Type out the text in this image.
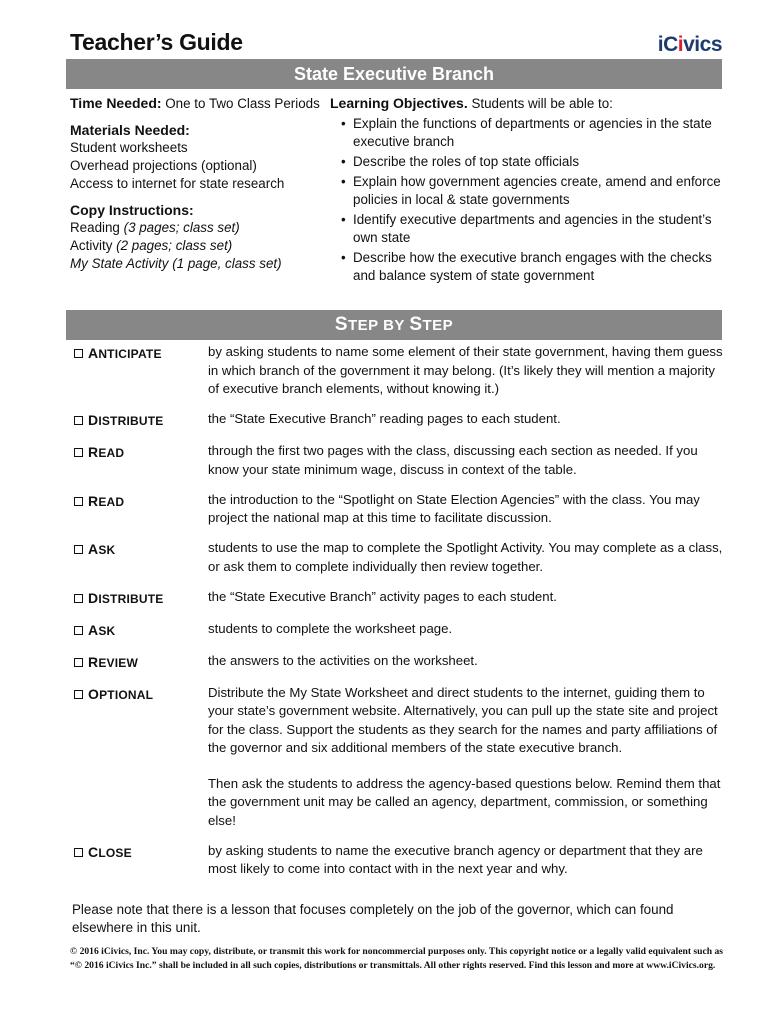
Teacher’s Guide	iCivics
State Executive Branch
Time Needed: One to Two Class Periods
Materials Needed:
Student worksheets
Overhead projections (optional)
Access to internet for state research
Copy Instructions:
Reading (3 pages; class set)
Activity (2 pages; class set)
My State Activity (1 page, class set)
Learning Objectives. Students will be able to:
• Explain the functions of departments or agencies in the state executive branch
• Describe the roles of top state officials
• Explain how government agencies create, amend and enforce policies in local & state governments
• Identify executive departments and agencies in the student’s own state
• Describe how the executive branch engages with the checks and balance system of state government
STEP BY STEP
ANTICIPATE	by asking students to name some element of their state government, having them guess in which branch of the government it may belong. (It’s likely they will mention a majority of executive branch elements, without knowing it.)

DISTRIBUTE	the “State Executive Branch” reading pages to each student.

READ	through the first two pages with the class, discussing each section as needed. If you know your state minimum wage, discuss in context of the table.

READ	the introduction to the “Spotlight on State Election Agencies” with the class. You may project the national map at this time to facilitate discussion.

ASK	students to use the map to complete the Spotlight Activity. You may complete as a class, or ask them to complete individually then review together.

DISTRIBUTE	the “State Executive Branch” activity pages to each student.

ASK	students to complete the worksheet page.

REVIEW	the answers to the activities on the worksheet.

OPTIONAL	Distribute the My State Worksheet and direct students to the internet, guiding them to your state’s government website. Alternatively, you can pull up the state site and project for the class. Support the students as they search for the names and party affiliations of the governor and six additional members of the state executive branch.

Then ask the students to address the agency-based questions below. Remind them that the government unit may be called an agency, department, commission, or something else!

CLOSE	by asking students to name the executive branch agency or department that they are most likely to come into contact with in the next year and why.

Please note that there is a lesson that focuses completely on the job of the governor, which can found elsewhere in this unit.
© 2016 iCivics, Inc. You may copy, distribute, or transmit this work for noncommercial purposes only. This copyright notice or a legally valid equivalent such as “© 2016 iCivics Inc.” shall be included in all such copies, distributions or transmittals. All other rights reserved. Find this lesson and more at www.iCivics.org.
